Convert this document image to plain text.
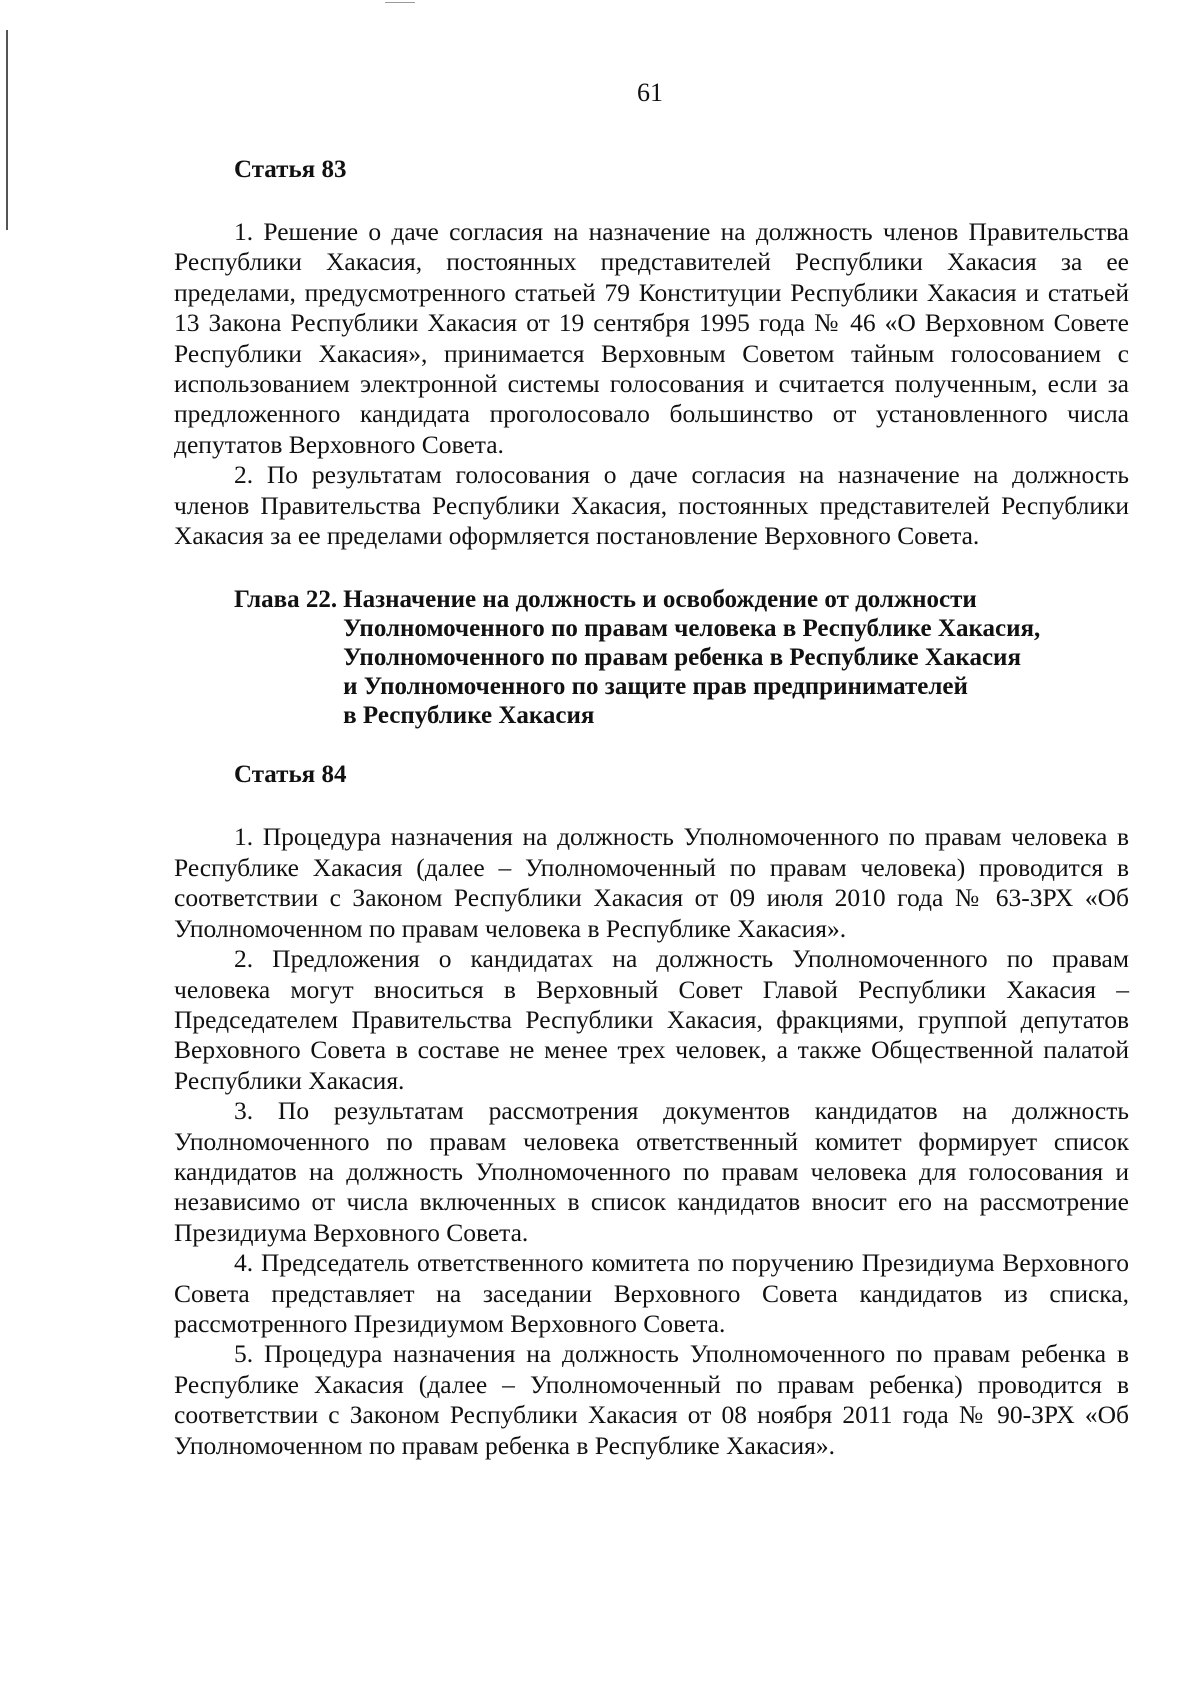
61
Статья 83

1. Решение о даче согласия на назначение на должность членов Правительства Республики Хакасия, постоянных представителей Республики Хакасия за ее пределами, предусмотренного статьей 79 Конституции Республики Хакасия и статьей 13 Закона Республики Хакасия от 19 сентября 1995 года № 46 «О Верховном Совете Республики Хакасия», принимается Верховным Советом тайным голосованием с использованием электронной системы голосования и считается полученным, если за предложенного кандидата проголосовало большинство от установленного числа депутатов Верховного Совета.

2. По результатам голосования о даче согласия на назначение на должность членов Правительства Республики Хакасия, постоянных представителей Республики Хакасия за ее пределами оформляется постановление Верховного Совета.

Глава 22. Назначение на должность и освобождение от должности
Уполномоченного по правам человека в Республике Хакасия,
Уполномоченного по правам ребенка в Республике Хакасия
и Уполномоченного по защите прав предпринимателей
в Республике Хакасия
Статья 84

1. Процедура назначения на должность Уполномоченного по правам человека в Республике Хакасия (далее – Уполномоченный по правам человека) проводится в соответствии с Законом Республики Хакасия от 09 июля 2010 года № 63-ЗРХ «Об Уполномоченном по правам человека в Республике Хакасия».

2. Предложения о кандидатах на должность Уполномоченного по правам человека могут вноситься в Верховный Совет Главой Республики Хакасия – Председателем Правительства Республики Хакасия, фракциями, группой депутатов Верховного Совета в составе не менее трех человек, а также Общественной палатой Республики Хакасия.

3. По результатам рассмотрения документов кандидатов на должность Уполномоченного по правам человека ответственный комитет формирует список кандидатов на должность Уполномоченного по правам человека для голосования и независимо от числа включенных в список кандидатов вносит его на рассмотрение Президиума Верховного Совета.

4. Председатель ответственного комитета по поручению Президиума Верховного Совета представляет на заседании Верховного Совета кандидатов из списка, рассмотренного Президиумом Верховного Совета.

5. Процедура назначения на должность Уполномоченного по правам ребенка в Республике Хакасия (далее – Уполномоченный по правам ребенка) проводится в соответствии с Законом Республики Хакасия от 08 ноября 2011 года № 90-ЗРХ «Об Уполномоченном по правам ребенка в Республике Хакасия».
